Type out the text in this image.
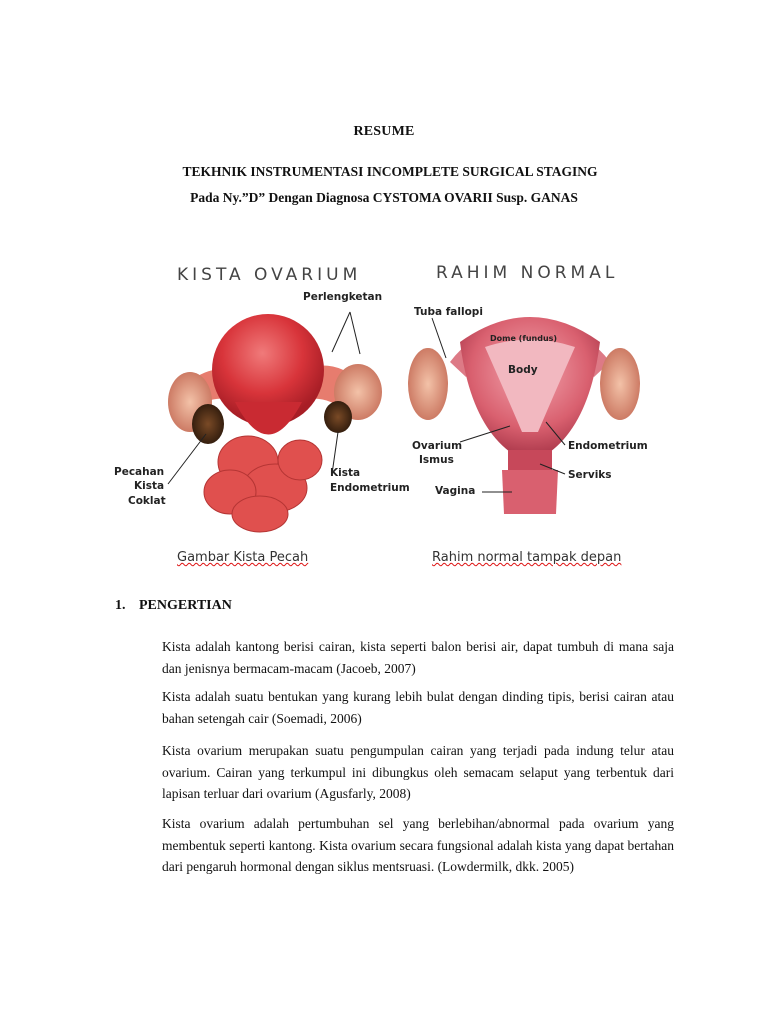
RESUME
TEKHNIK INSTRUMENTASI INCOMPLETE SURGICAL STAGING
Pada Ny.”D” Dengan Diagnosa CYSTOMA OVARII Susp. GANAS
KISTA OVARIUM
Perlengketan
Pecahan
Kista
Coklat
Kista
Endometrium
Gambar Kista Pecah
RAHIM NORMAL
Tuba fallopi
Dome (fundus)
Body
Ovarium
Ismus
Endometrium
Serviks
Vagina
Rahim normal tampak depan
1. PENGERTIAN
Kista adalah kantong berisi cairan, kista seperti balon berisi air, dapat tumbuh di mana saja dan jenisnya bermacam-macam (Jacoeb, 2007)
Kista adalah suatu bentukan yang kurang lebih bulat dengan dinding tipis, berisi cairan atau bahan setengah cair (Soemadi, 2006)
Kista ovarium merupakan suatu pengumpulan cairan yang terjadi pada indung telur atau ovarium. Cairan yang terkumpul ini dibungkus oleh semacam selaput yang terbentuk dari lapisan terluar dari ovarium (Agusfarly, 2008)
Kista ovarium adalah pertumbuhan sel yang berlebihan/abnormal pada ovarium yang membentuk seperti kantong. Kista ovarium secara fungsional adalah kista yang dapat bertahan dari pengaruh hormonal dengan siklus mentsruasi. (Lowdermilk, dkk. 2005)
